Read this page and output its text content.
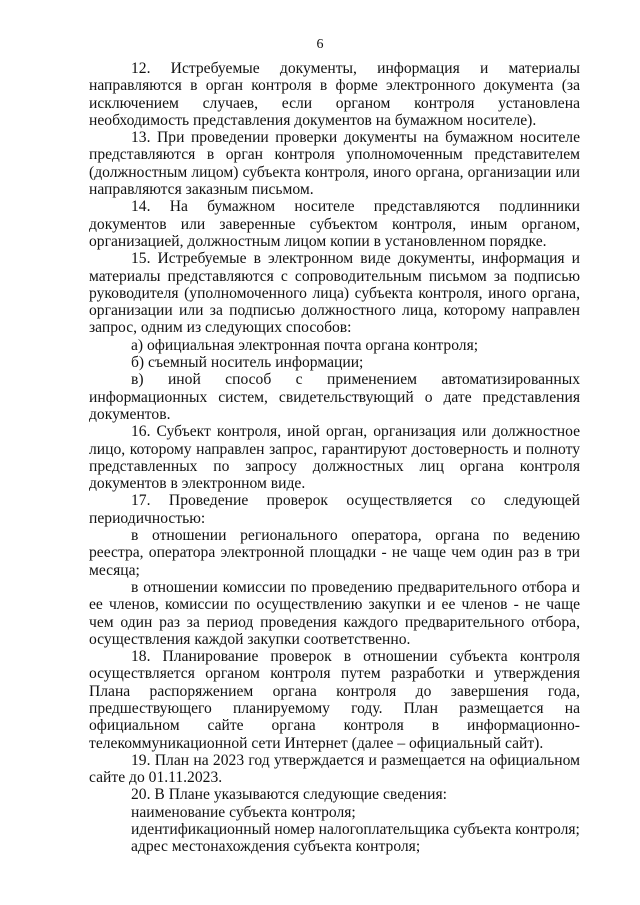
6

12. Истребуемые документы, информация и материалы направляются в орган контроля в форме электронного документа (за исключением случаев, если органом контроля установлена необходимость представления документов на бумажном носителе).

13. При проведении проверки документы на бумажном носителе представляются в орган контроля уполномоченным представителем (должностным лицом) субъекта контроля, иного органа, организации или направляются заказным письмом.

14. На бумажном носителе представляются подлинники документов или заверенные субъектом контроля, иным органом, организацией, должностным лицом копии в установленном порядке.

15. Истребуемые в электронном виде документы, информация и материалы представляются с сопроводительным письмом за подписью руководителя (уполномоченного лица) субъекта контроля, иного органа, организации или за подписью должностного лица, которому направлен запрос, одним из следующих способов:

а) официальная электронная почта органа контроля;

б) съемный носитель информации;

в) иной способ с применением автоматизированных информационных систем, свидетельствующий о дате представления документов.

16. Субъект контроля, иной орган, организация или должностное лицо, которому направлен запрос, гарантируют достоверность и полноту представленных по запросу должностных лиц органа контроля документов в электронном виде.

17. Проведение проверок осуществляется со следующей периодичностью:

в отношении регионального оператора, органа по ведению реестра, оператора электронной площадки - не чаще чем один раз в три месяца;

в отношении комиссии по проведению предварительного отбора и ее членов, комиссии по осуществлению закупки и ее членов - не чаще чем один раз за период проведения каждого предварительного отбора, осуществления каждой закупки соответственно.

18. Планирование проверок в отношении субъекта контроля осуществляется органом контроля путем разработки и утверждения Плана распоряжением органа контроля до завершения года, предшествующего планируемому году. План размещается на официальном сайте органа контроля в информационно-телекоммуникационной сети Интернет (далее – официальный сайт).

19. План на 2023 год утверждается и размещается на официальном сайте до 01.11.2023.

20. В Плане указываются следующие сведения:

наименование субъекта контроля;

идентификационный номер налогоплательщика субъекта контроля;

адрес местонахождения субъекта контроля;
